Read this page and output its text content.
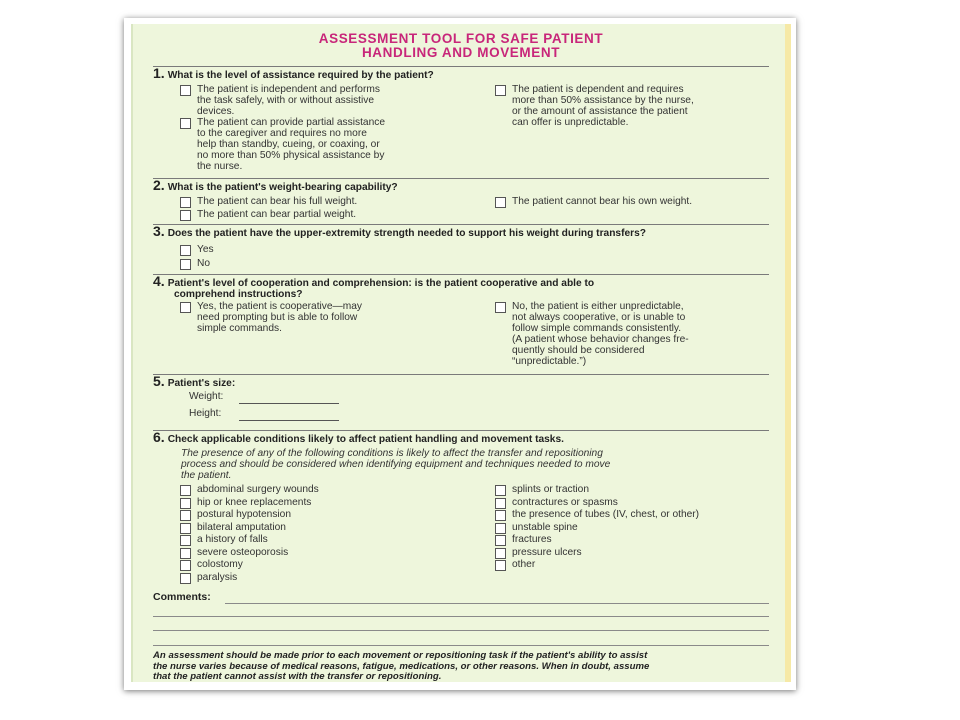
ASSESSMENT TOOL FOR SAFE PATIENT
HANDLING AND MOVEMENT
1. What is the level of assistance required by the patient?
The patient is independent and performs
the task safely, with or without assistive
devices.
The patient can provide partial assistance
to the caregiver and requires no more
help than standby, cueing, or coaxing, or
no more than 50% physical assistance by
the nurse.
The patient is dependent and requires
more than 50% assistance by the nurse,
or the amount of assistance the patient
can offer is unpredictable.
2. What is the patient's weight-bearing capability?
The patient can bear his full weight.
The patient can bear partial weight.
The patient cannot bear his own weight.
3. Does the patient have the upper-extremity strength needed to support his weight during transfers?
Yes
No
4. Patient's level of cooperation and comprehension: is the patient cooperative and able to
comprehend instructions?
Yes, the patient is cooperative—may
need prompting but is able to follow
simple commands.
No, the patient is either unpredictable,
not always cooperative, or is unable to
follow simple commands consistently.
(A patient whose behavior changes fre-
quently should be considered
“unpredictable.”)
5. Patient's size:
Weight:
Height:
6. Check applicable conditions likely to affect patient handling and movement tasks.
The presence of any of the following conditions is likely to affect the transfer and repositioning
process and should be considered when identifying equipment and techniques needed to move
the patient.
abdominal surgery wounds
hip or knee replacements
postural hypotension
bilateral amputation
a history of falls
severe osteoporosis
colostomy
paralysis
splints or traction
contractures or spasms
the presence of tubes (IV, chest, or other)
unstable spine
fractures
pressure ulcers
other
Comments:
An assessment should be made prior to each movement or repositioning task if the patient's ability to assist
the nurse varies because of medical reasons, fatigue, medications, or other reasons. When in doubt, assume
that the patient cannot assist with the transfer or repositioning.
